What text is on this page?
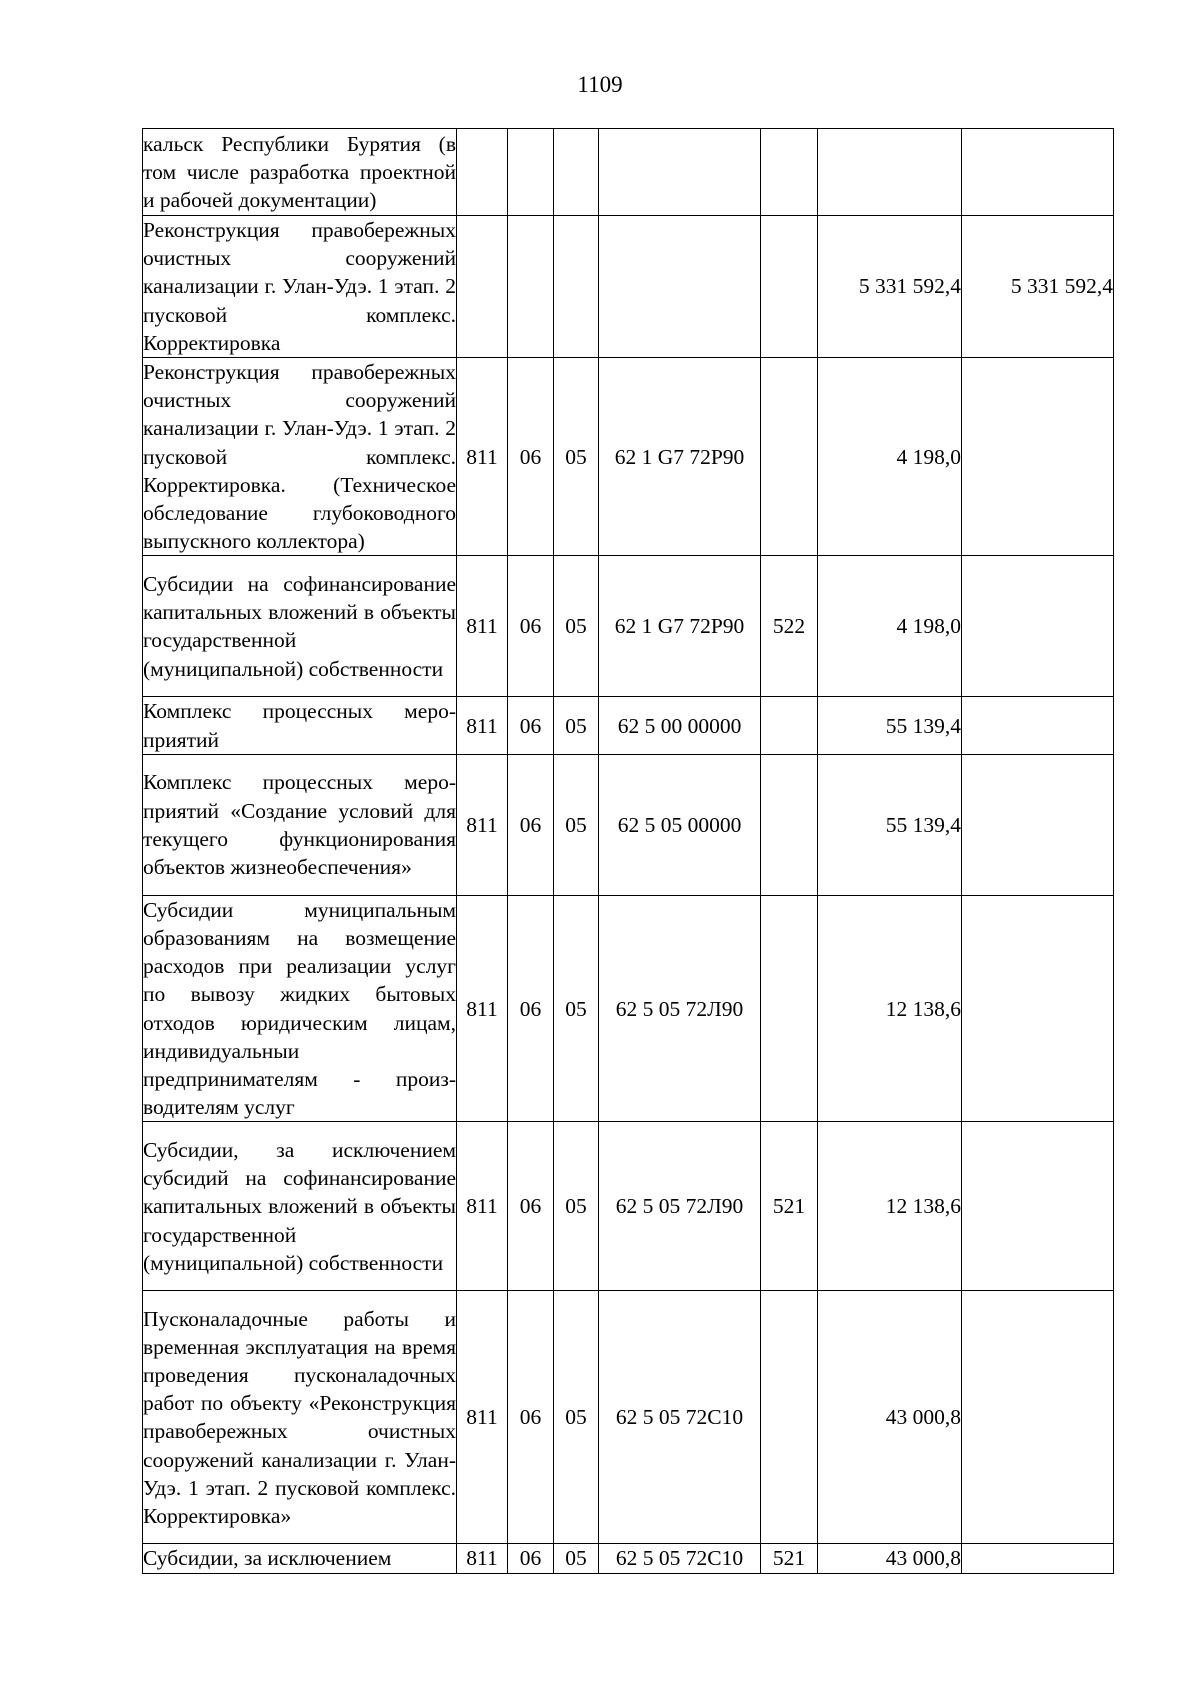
1109
кальск Республики Бурятия (в том числе разработка проектной и рабочей документации)							
Реконструкция правобережных очистных сооружений канализации г. Улан-Удэ. 1 этап. 2 пусковой комплекс. Корректировка						5 331 592,4	5 331 592,4
Реконструкция правобережных очистных сооружений канализации г. Улан-Удэ. 1 этап. 2 пусковой комплекс. Корректировка. (Техническое обследование глубоководного выпускного коллектора)	811	06	05	62 1 G7 72Р90		4 198,0	
Субсидии на софинансирование капитальных вложений в объекты государственной (муниципальной) собственности	811	06	05	62 1 G7 72Р90	522	4 198,0	
Комплекс процессных мероприятий	811	06	05	62 5 00 00000		55 139,4	
Комплекс процессных мероприятий «Создание условий для текущего функционирования объектов жизнеобеспечения»	811	06	05	62 5 05 00000		55 139,4	
Субсидии муниципальным образованиям на возмещение расходов при реализации услуг по вывозу жидких бытовых отходов юридическим лицам, индивидуальныи предпринимателям - производителям услуг	811	06	05	62 5 05 72Л90		12 138,6	
Субсидии, за исключением субсидий на софинансирование капитальных вложений в объекты государственной (муниципальной) собственности	811	06	05	62 5 05 72Л90	521	12 138,6	
Пусконаладочные работы и временная эксплуатация на время проведения пусконаладочных работ по объекту «Реконструкция правобережных очистных сооружений канализации г. Улан-Удэ. 1 этап. 2 пусковой комплекс. Корректировка»	811	06	05	62 5 05 72С10		43 000,8	
Субсидии, за исключением	811	06	05	62 5 05 72С10	521	43 000,8	
